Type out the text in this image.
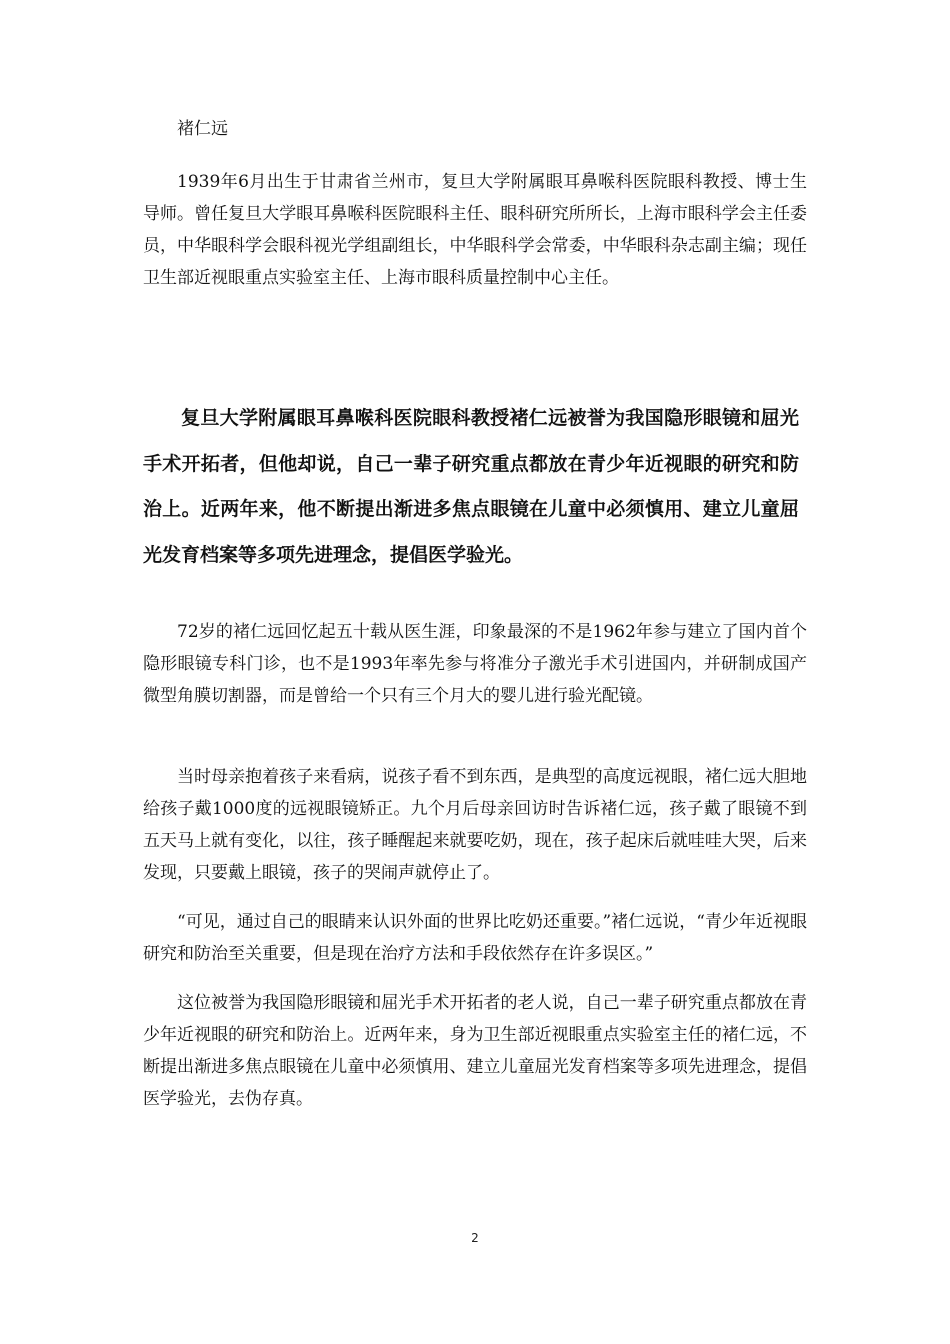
褚仁远

1939年6月出生于甘肃省兰州市，复旦大学附属眼耳鼻喉科医院眼科教授、博士生导师。曾任复旦大学眼耳鼻喉科医院眼科主任、眼科研究所所长，上海市眼科学会主任委员，中华眼科学会眼科视光学组副组长，中华眼科学会常委，中华眼科杂志副主编；现任卫生部近视眼重点实验室主任、上海市眼科质量控制中心主任。

复旦大学附属眼耳鼻喉科医院眼科教授褚仁远被誉为我国隐形眼镜和屈光手术开拓者，但他却说，自己一辈子研究重点都放在青少年近视眼的研究和防治上。近两年来，他不断提出渐进多焦点眼镜在儿童中必须慎用、建立儿童屈光发育档案等多项先进理念，提倡医学验光。

72岁的褚仁远回忆起五十载从医生涯，印象最深的不是1962年参与建立了国内首个隐形眼镜专科门诊，也不是1993年率先参与将准分子激光手术引进国内，并研制成国产微型角膜切割器，而是曾给一个只有三个月大的婴儿进行验光配镜。

当时母亲抱着孩子来看病，说孩子看不到东西，是典型的高度远视眼，褚仁远大胆地给孩子戴1000度的远视眼镜矫正。九个月后母亲回访时告诉褚仁远，孩子戴了眼镜不到五天马上就有变化，以往，孩子睡醒起来就要吃奶，现在，孩子起床后就哇哇大哭，后来发现，只要戴上眼镜，孩子的哭闹声就停止了。

“可见，通过自己的眼睛来认识外面的世界比吃奶还重要。”褚仁远说，“青少年近视眼研究和防治至关重要，但是现在治疗方法和手段依然存在许多误区。”

这位被誉为我国隐形眼镜和屈光手术开拓者的老人说，自己一辈子研究重点都放在青少年近视眼的研究和防治上。近两年来，身为卫生部近视眼重点实验室主任的褚仁远，不断提出渐进多焦点眼镜在儿童中必须慎用、建立儿童屈光发育档案等多项先进理念，提倡医学验光，去伪存真。

2
